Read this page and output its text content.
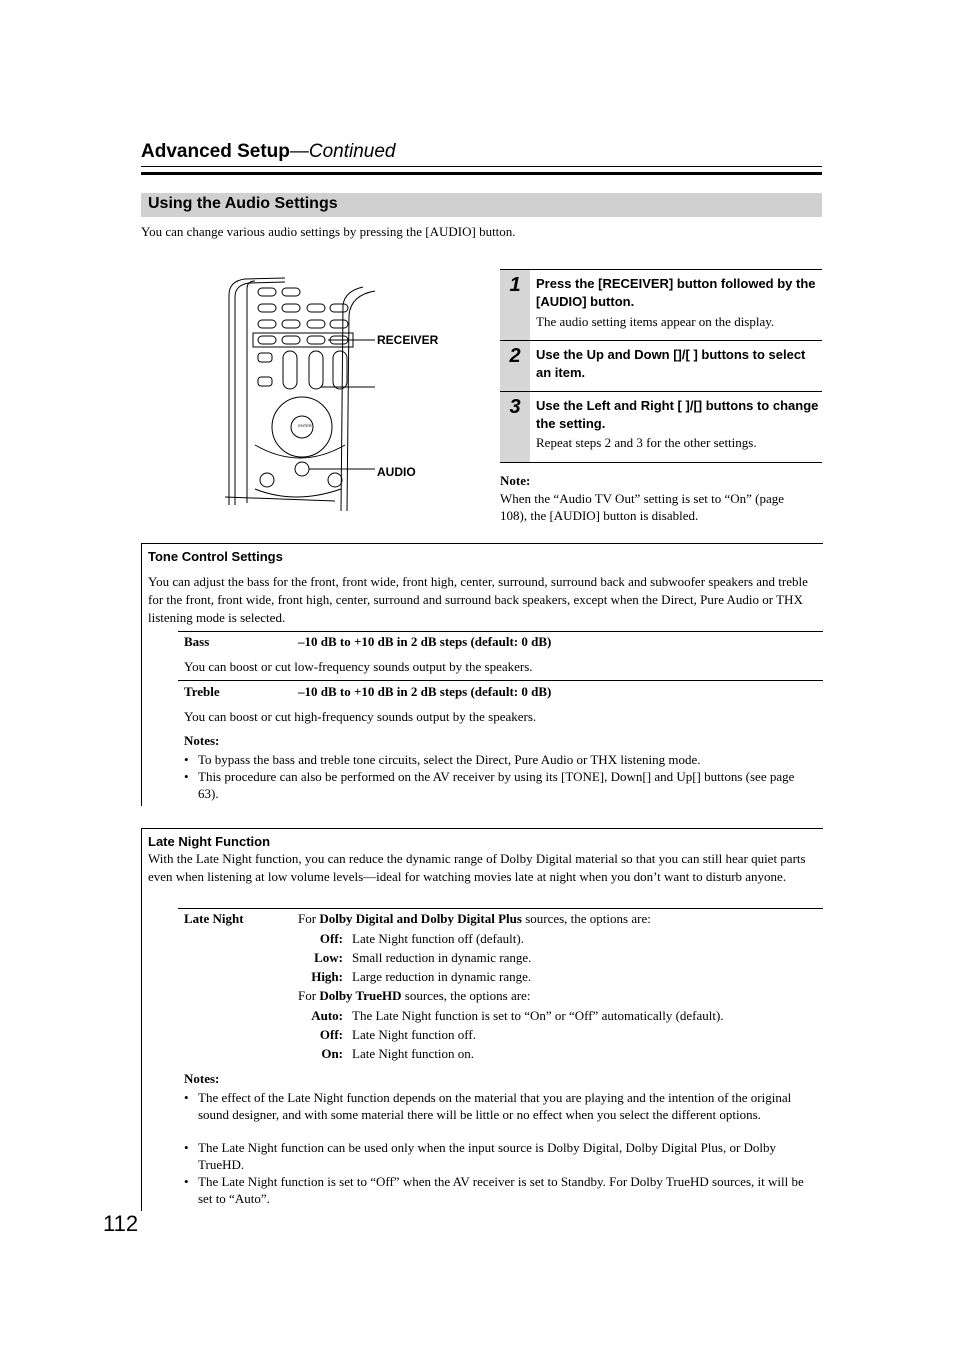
Advanced Setup—Continued
Using the Audio Settings
You can change various audio settings by pressing the [AUDIO] button.
ENTER
RECEIVER
AUDIO
1	Press the [RECEIVER] button followed by the [AUDIO] button.
The audio setting items appear on the display.
2	Use the Up and Down []/[ ] buttons to select an item.
3	Use the Left and Right [ ]/[] buttons to change the setting.
Repeat steps 2 and 3 for the other settings.
Note:
When the “Audio TV Out” setting is set to “On” (page 108), the [AUDIO] button is disabled.
Tone Control Settings
You can adjust the bass for the front, front wide, front high, center, surround, surround back and subwoofer speakers and treble for the front, front wide, front high, center, surround and surround back speakers, except when the Direct, Pure Audio or THX listening mode is selected.
Bass	–10 dB to +10 dB in 2 dB steps (default: 0 dB)
You can boost or cut low-frequency sounds output by the speakers.
Treble	–10 dB to +10 dB in 2 dB steps (default: 0 dB)
You can boost or cut high-frequency sounds output by the speakers.
Notes:
• To bypass the bass and treble tone circuits, select the Direct, Pure Audio or THX listening mode.
• This procedure can also be performed on the AV receiver by using its [TONE], Down[] and Up[] buttons (see page 63).
Late Night Function
With the Late Night function, you can reduce the dynamic range of Dolby Digital material so that you can still hear quiet parts even when listening at low volume levels—ideal for watching movies late at night when you don’t want to disturb anyone.
Late Night	For Dolby Digital and Dolby Digital Plus sources, the options are:
Off: Late Night function off (default).
Low: Small reduction in dynamic range.
High: Large reduction in dynamic range.
For Dolby TrueHD sources, the options are:
Auto: The Late Night function is set to “On” or “Off” automatically (default).
Off: Late Night function off.
On: Late Night function on.
Notes:
• The effect of the Late Night function depends on the material that you are playing and the intention of the original sound designer, and with some material there will be little or no effect when you select the different options.
• The Late Night function can be used only when the input source is Dolby Digital, Dolby Digital Plus, or Dolby TrueHD.
• The Late Night function is set to “Off” when the AV receiver is set to Standby. For Dolby TrueHD sources, it will be set to “Auto”.
112
